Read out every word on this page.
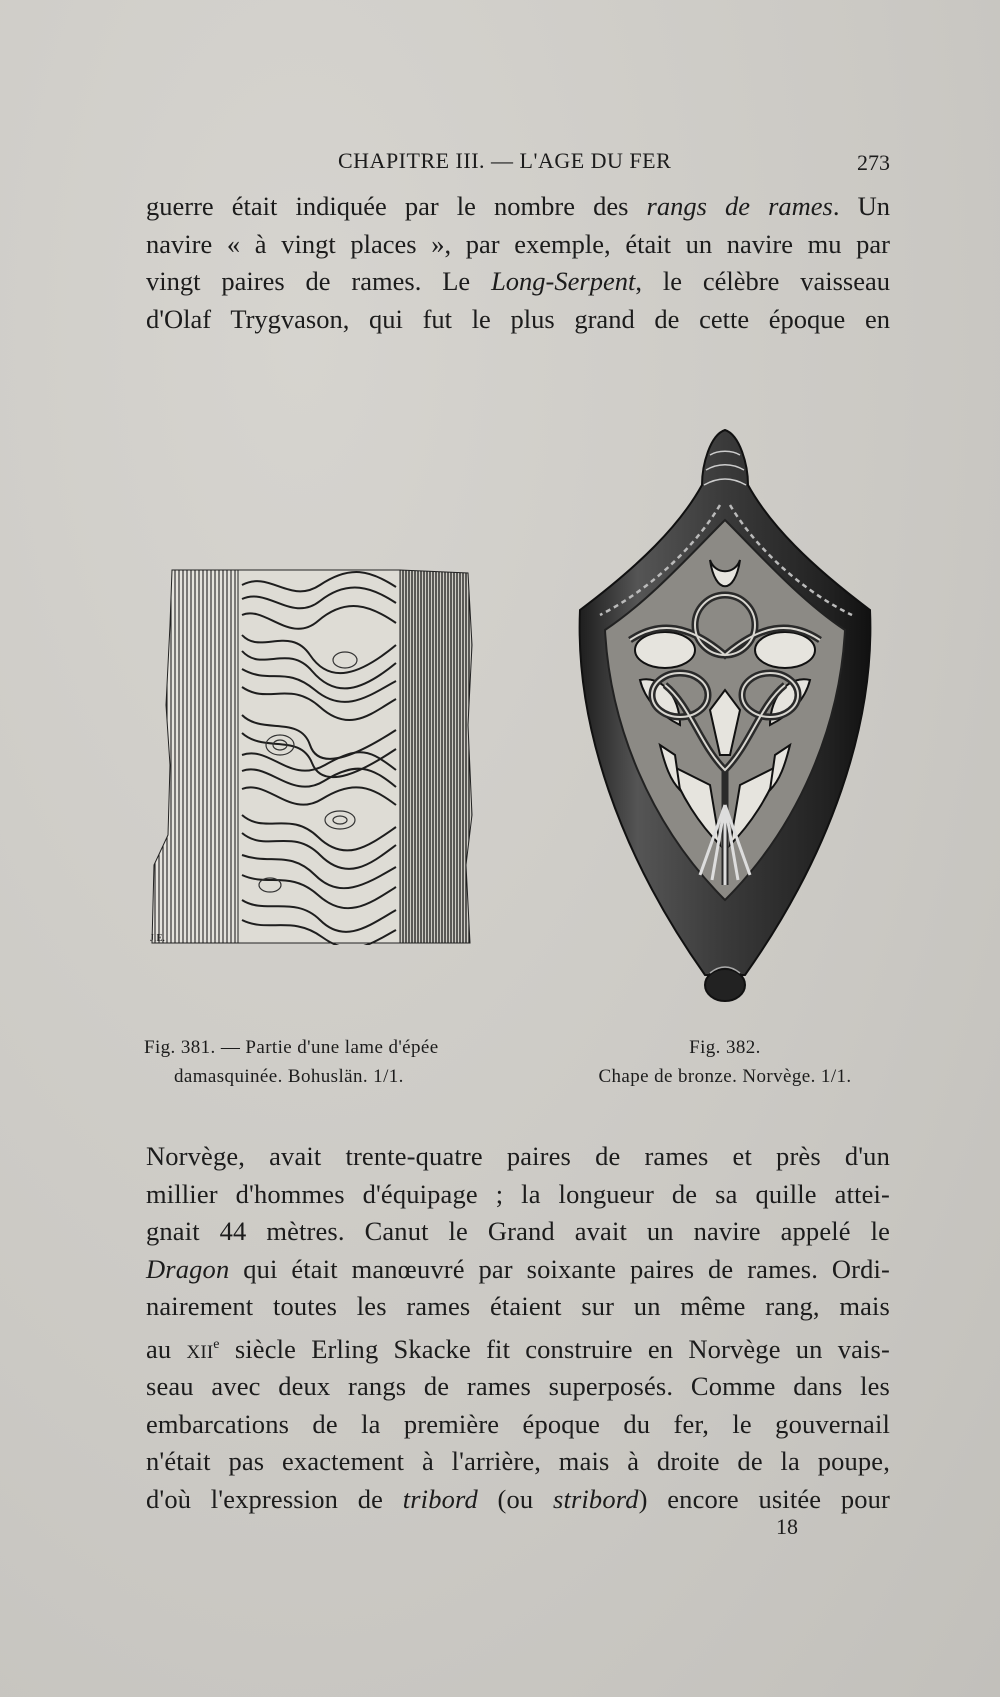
CHAPITRE III. — L'AGE DU FER	273
guerre était indiquée par le nombre des rangs de rames. Un
navire « à vingt places », par exemple, était un navire mu par
vingt paires de rames. Le Long-Serpent, le célèbre vaisseau
d'Olaf Trygvason, qui fut le plus grand de cette époque en
J.E.
Fig. 381. — Partie d'une lame d'épée
damasquinée. Bohuslän. 1/1.
Fig. 382.
Chape de bronze. Norvège. 1/1.
Norvège, avait trente-quatre paires de rames et près d'un
millier d'hommes d'équipage ; la longueur de sa quille attei-
gnait 44 mètres. Canut le Grand avait un navire appelé le
Dragon qui était manœuvré par soixante paires de rames. Ordi-
nairement toutes les rames étaient sur un même rang, mais
au xii$^e$ siècle Erling Skacke fit construire en Norvège un vais-
seau avec deux rangs de rames superposés. Comme dans les
embarcations de la première époque du fer, le gouvernail
n'était pas exactement à l'arrière, mais à droite de la poupe,
d'où l'expression de tribord (ou stribord) encore usitée pour
18
